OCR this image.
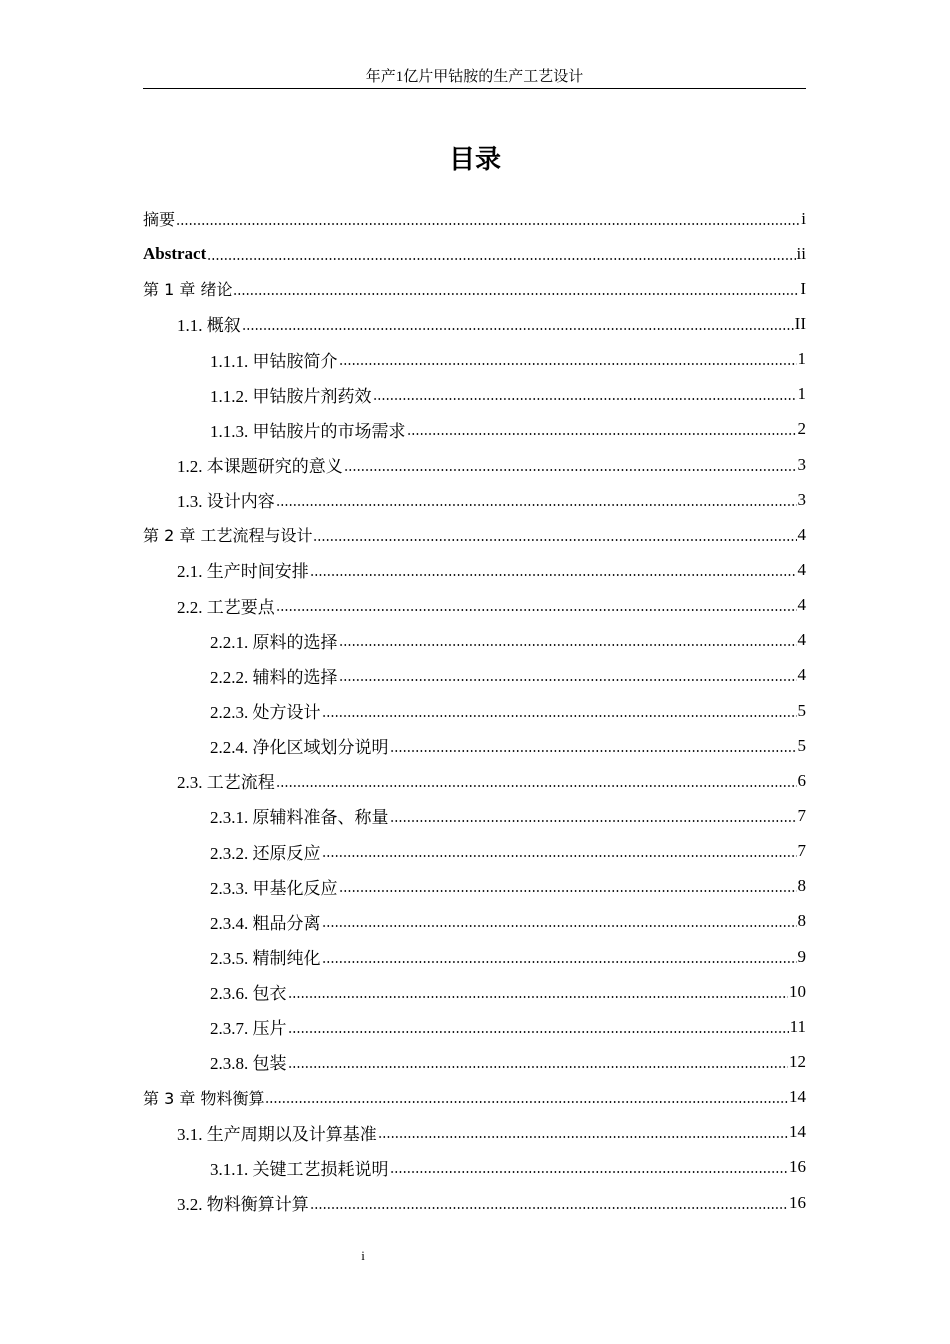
年产1亿片甲钴胺的生产工艺设计
目录
摘要	i
Abstract	ii
第 1 章 绪论	I
1.1. 概叙	II
1.1.1. 甲钴胺简介	1
1.1.2. 甲钴胺片剂药效	1
1.1.3. 甲钴胺片的市场需求	2
1.2. 本课题研究的意义	3
1.3. 设计内容	3
第 2 章 工艺流程与设计	4
2.1. 生产时间安排	4
2.2. 工艺要点	4
2.2.1. 原料的选择	4
2.2.2. 辅料的选择	4
2.2.3. 处方设计	5
2.2.4. 净化区域划分说明	5
2.3. 工艺流程	6
2.3.1. 原辅料准备、称量	7
2.3.2. 还原反应	7
2.3.3. 甲基化反应	8
2.3.4. 粗品分离	8
2.3.5. 精制纯化	9
2.3.6. 包衣	10
2.3.7. 压片	11
2.3.8. 包装	12
第 3 章 物料衡算	14
3.1. 生产周期以及计算基准	14
3.1.1. 关键工艺损耗说明	16
3.2. 物料衡算计算	16
i
